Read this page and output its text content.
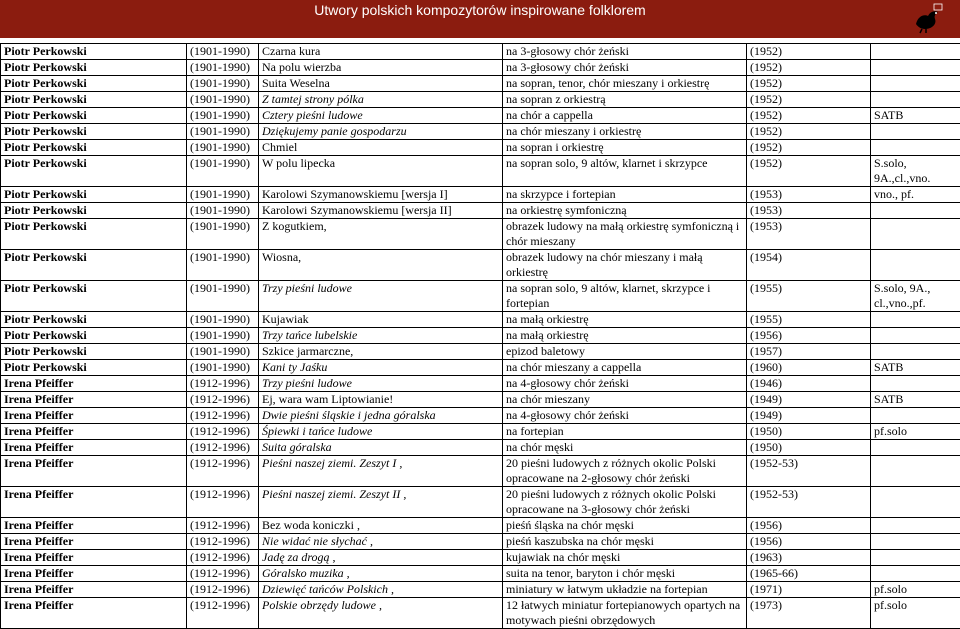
Utwory polskich kompozytorów inspirowane folklorem
Piotr Perkowski	(1901-1990)	Czarna kura	na 3-głosowy chór żeński	(1952)	
Piotr Perkowski	(1901-1990)	Na polu wierzba	na 3-głosowy chór żeński	(1952)	
Piotr Perkowski	(1901-1990)	Suita Weselna	na sopran, tenor, chór mieszany i orkiestrę	(1952)	
Piotr Perkowski	(1901-1990)	Z tamtej strony pólka	na sopran z orkiestrą	(1952)	
Piotr Perkowski	(1901-1990)	Cztery pieśni ludowe	na chór a cappella	(1952)	SATB
Piotr Perkowski	(1901-1990)	Dziękujemy panie gospodarzu	na chór mieszany i orkiestrę	(1952)	
Piotr Perkowski	(1901-1990)	Chmiel	na sopran i orkiestrę	(1952)	
Piotr Perkowski	(1901-1990)	W polu lipecka	na sopran solo, 9 altów, klarnet i skrzypce	(1952)	S.solo, 9A.,cl.,vno.
Piotr Perkowski	(1901-1990)	Karolowi Szymanowskiemu [wersja I]	na skrzypce i fortepian	(1953)	vno., pf.
Piotr Perkowski	(1901-1990)	Karolowi Szymanowskiemu [wersja II]	na orkiestrę symfoniczną	(1953)	
Piotr Perkowski	(1901-1990)	Z kogutkiem,	obrazek ludowy na małą orkiestrę symfoniczną i chór mieszany	(1953)	
Piotr Perkowski	(1901-1990)	Wiosna,	obrazek ludowy na chór mieszany i małą orkiestrę	(1954)	
Piotr Perkowski	(1901-1990)	Trzy pieśni ludowe	na sopran solo, 9 altów, klarnet, skrzypce i fortepian	(1955)	S.solo, 9A., cl.,vno.,pf.
Piotr Perkowski	(1901-1990)	Kujawiak	na małą orkiestrę	(1955)	
Piotr Perkowski	(1901-1990)	Trzy tańce lubelskie	na małą orkiestrę	(1956)	
Piotr Perkowski	(1901-1990)	Szkice jarmarczne,	epizod baletowy	(1957)	
Piotr Perkowski	(1901-1990)	Kani ty Jaśku	na chór mieszany a cappella	(1960)	SATB
Irena Pfeiffer	(1912-1996)	Trzy pieśni ludowe	na 4-głosowy chór żeński	(1946)	
Irena Pfeiffer	(1912-1996)	Ej, wara wam Liptowianie!	na chór mieszany	(1949)	SATB
Irena Pfeiffer	(1912-1996)	Dwie pieśni śląskie i jedna góralska	na 4-głosowy chór żeński	(1949)	
Irena Pfeiffer	(1912-1996)	Śpiewki i tańce ludowe	na fortepian	(1950)	pf.solo
Irena Pfeiffer	(1912-1996)	Suita góralska	na chór męski	(1950)	
Irena Pfeiffer	(1912-1996)	Pieśni naszej ziemi. Zeszyt I ,	20 pieśni ludowych z różnych okolic Polski opracowane na 2-głosowy chór żeński	(1952-53)	
Irena Pfeiffer	(1912-1996)	Pieśni naszej ziemi. Zeszyt II ,	20 pieśni ludowych z różnych okolic Polski opracowane na 3-głosowy chór żeński	(1952-53)	
Irena Pfeiffer	(1912-1996)	Bez woda koniczki ,	pieśń śląska na chór męski	(1956)	
Irena Pfeiffer	(1912-1996)	Nie widać nie słychać ,	pieśń kaszubska na chór męski	(1956)	
Irena Pfeiffer	(1912-1996)	Jadę za drogą ,	kujawiak na chór męski	(1963)	
Irena Pfeiffer	(1912-1996)	Góralsko muzika ,	suita na tenor, baryton i chór męski	(1965-66)	
Irena Pfeiffer	(1912-1996)	Dziewięć tańców Polskich ,	miniatury w łatwym układzie na fortepian	(1971)	pf.solo
Irena Pfeiffer	(1912-1996)	Polskie obrzędy ludowe ,	12 łatwych miniatur fortepianowych opartych na motywach pieśni obrzędowych	(1973)	pf.solo
